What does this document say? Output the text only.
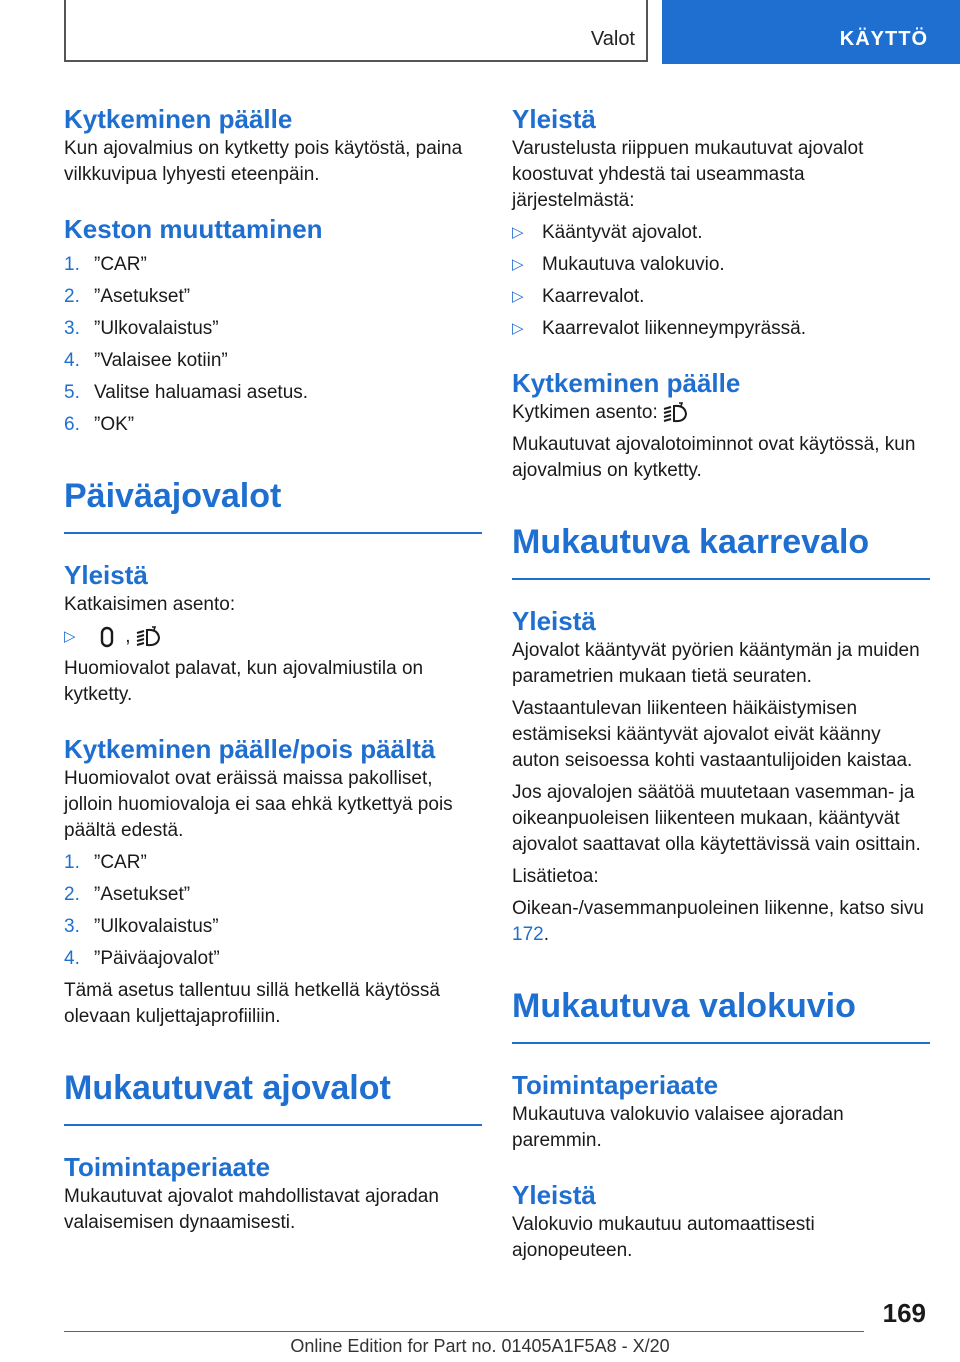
Valot	KÄYTTÖ
Kytkeminen päälle

Kun ajovalmius on kytketty pois käytöstä, paina vilkkuvipua lyhyesti eteenpäin.

Keston muuttaminen
1. ”CAR”
2. ”Asetukset”
3. ”Ulkovalaistus”
4. ”Valaisee kotiin”
5. Valitse haluamasi asetus.
6. ”OK”
Päiväajovalot
Yleistä

Katkaisimen asento:

▷	,

Huomiovalot palavat, kun ajovalmiustila on kytketty.

Kytkeminen päälle/pois päältä

Huomiovalot ovat eräissä maissa pakolliset, jolloin huomiovaloja ei saa ehkä kytkettyä pois päältä edestä.

1. ”CAR”
2. ”Asetukset”
3. ”Ulkovalaistus”
4. ”Päiväajovalot”

Tämä asetus tallentuu sillä hetkellä käytössä olevaan kuljettajaprofiiliin.

Mukautuvat ajovalot
Toimintaperiaate

Mukautuvat ajovalot mahdollistavat ajoradan valaisemisen dynaamisesti.

Yleistä

Varustelusta riippuen mukautuvat ajovalot koostuvat yhdestä tai useammasta järjestelmästä:

▷ Kääntyvät ajovalot.
▷ Mukautuva valokuvio.
▷ Kaarrevalot.
▷ Kaarrevalot liikenneympyrässä.
Kytkeminen päälle

Kytkimen asento:

Mukautuvat ajovalotoiminnot ovat käytössä, kun ajovalmius on kytketty.

Mukautuva kaarrevalo
Yleistä

Ajovalot kääntyvät pyörien kääntymän ja muiden parametrien mukaan tietä seuraten.

Vastaantulevan liikenteen häikäistymisen estämiseksi kääntyvät ajovalot eivät käänny auton seisoessa kohti vastaantulijoiden kaistaa.

Jos ajovalojen säätöä muutetaan vasemman- ja oikeanpuoleisen liikenteen mukaan, kääntyvät ajovalot saattavat olla käytettävissä vain osittain.

Lisätietoa:

Oikean-/vasemmanpuoleinen liikenne, katso sivu 172.

Mukautuva valokuvio
Toimintaperiaate

Mukautuva valokuvio valaisee ajoradan paremmin.

Yleistä

Valokuvio mukautuu automaattisesti ajonopeuteen.

169
Online Edition for Part no. 01405A1F5A8 - X/20
